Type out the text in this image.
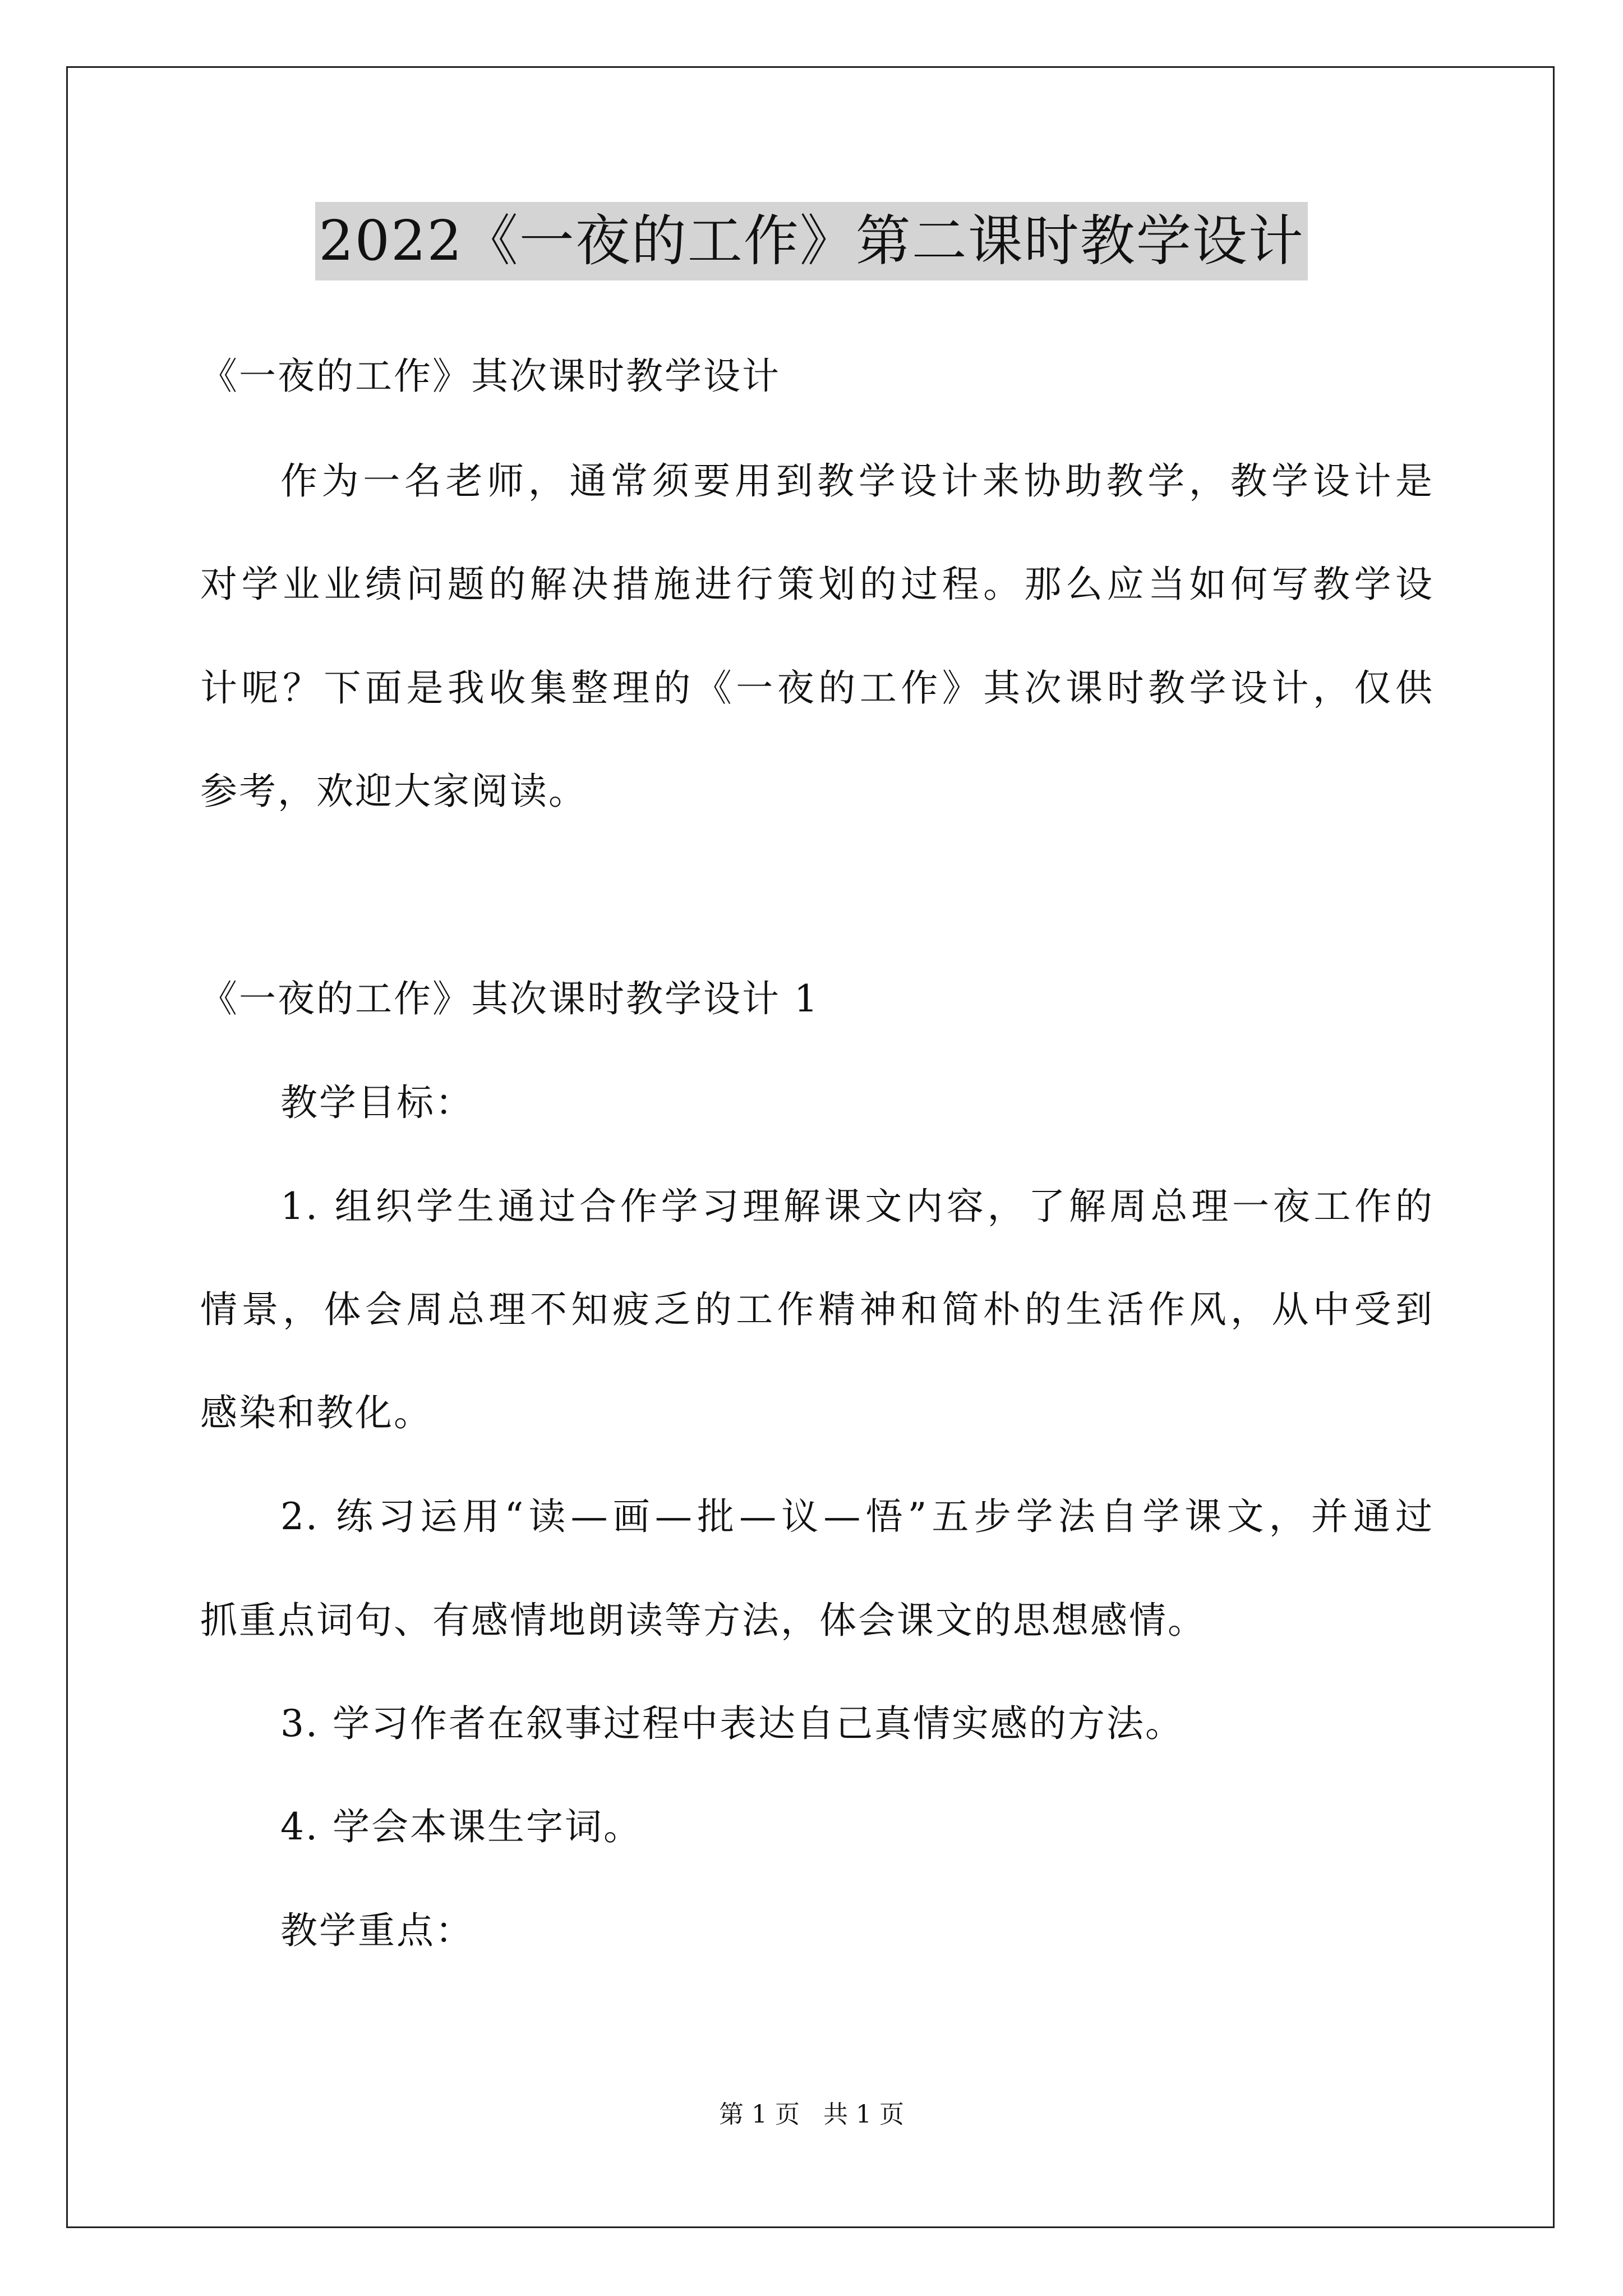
2022《一夜的工作》第二课时教学设计
《一夜的工作》其次课时教学设计
作为一名老师，通常须要用到教学设计来协助教学，教学设计是
对学业业绩问题的解决措施进行策划的过程。那么应当如何写教学设
计呢？下面是我收集整理的《一夜的工作》其次课时教学设计，仅供
参考，欢迎大家阅读。
《一夜的工作》其次课时教学设计 1
教学目标：
1. 组织学生通过合作学习理解课文内容，了解周总理一夜工作的
情景，体会周总理不知疲乏的工作精神和简朴的生活作风，从中受到
感染和教化。
2. 练习运用“读—画—批—议—悟”五步学法自学课文，并通过
抓重点词句、有感情地朗读等方法，体会课文的思想感情。
3. 学习作者在叙事过程中表达自己真情实感的方法。
4. 学会本课生字词。
教学重点：
第 1 页 共 1 页
